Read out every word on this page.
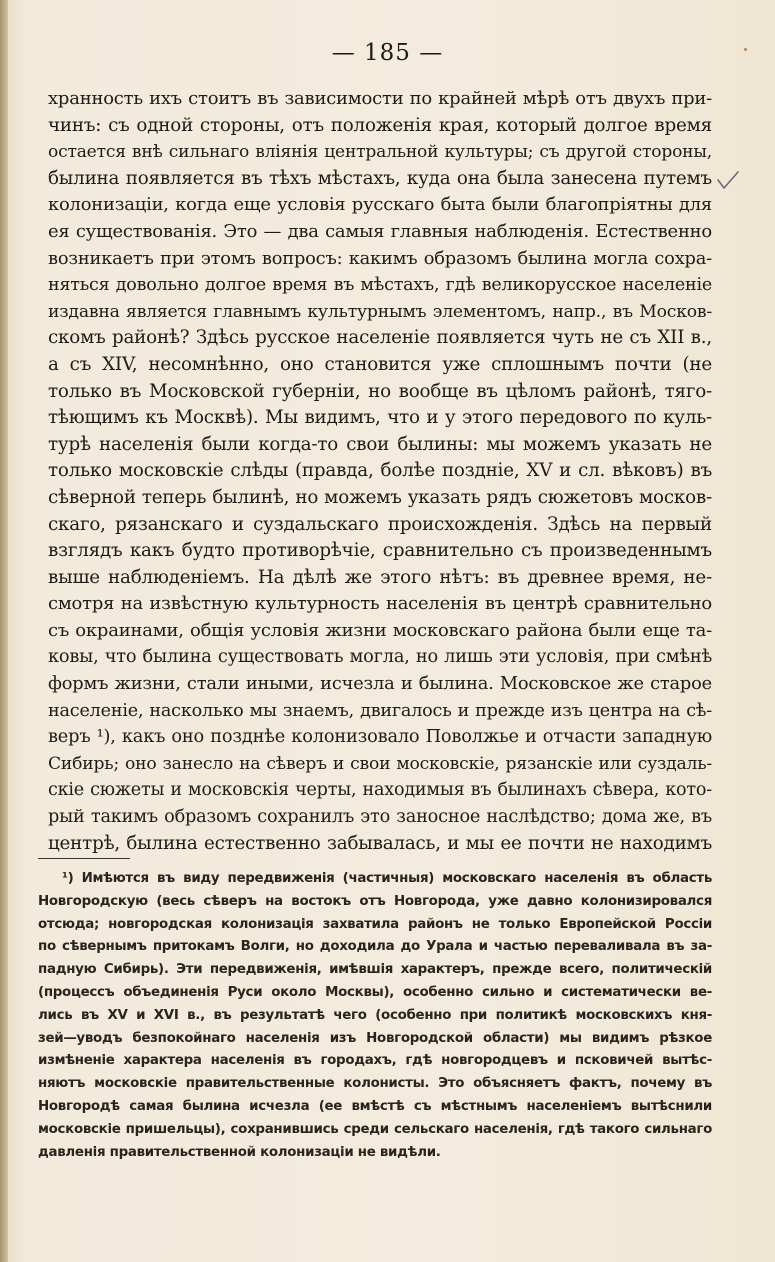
— 185 —
хранность ихъ стоитъ въ зависимости по крайней мѣрѣ отъ двухъ при-
чинъ: съ одной стороны, отъ положенія края, который долгое время
остается внѣ сильнаго вліянія центральной культуры; съ другой стороны,
былина появляется въ тѣхъ мѣстахъ, куда она была занесена путемъ
колонизаціи, когда еще условія русскаго быта были благопріятны для
ея существованія. Это — два самыя главныя наблюденія. Естественно
возникаетъ при этомъ вопросъ: какимъ образомъ былина могла сохра-
няться довольно долгое время въ мѣстахъ, гдѣ великорусское населеніе
издавна является главнымъ культурнымъ элементомъ, напр., въ Москов-
скомъ районѣ? Здѣсь русское населеніе появляется чуть не съ XII в.,
а съ XIV, несомнѣнно, оно становится уже сплошнымъ почти (не
только въ Московской губерніи, но вообще въ цѣломъ районѣ, тяго-
тѣющимъ къ Москвѣ). Мы видимъ, что и у этого передового по куль-
турѣ населенія были когда-то свои былины: мы можемъ указать не
только московскіе слѣды (правда, болѣе поздніе, XV и сл. вѣковъ) въ
сѣверной теперь былинѣ, но можемъ указать рядъ сюжетовъ москов-
скаго, рязанскаго и суздальскаго происхожденія. Здѣсь на первый
взглядъ какъ будто противорѣчіе, сравнительно съ произведеннымъ
выше наблюденіемъ. На дѣлѣ же этого нѣтъ: въ древнее время, не-
смотря на извѣстную культурность населенія въ центрѣ сравнительно
съ окраинами, общія условія жизни московскаго района были еще та-
ковы, что былина существовать могла, но лишь эти условія, при смѣнѣ
формъ жизни, стали иными, исчезла и былина. Московское же старое
населеніе, насколько мы знаемъ, двигалось и прежде изъ центра на сѣ-
веръ ¹), какъ оно позднѣе колонизовало Поволжье и отчасти западную
Сибирь; оно занесло на сѣверъ и свои московскіе, рязанскіе или суздаль-
скіе сюжеты и московскія черты, находимыя въ былинахъ сѣвера, кото-
рый такимъ образомъ сохранилъ это заносное наслѣдство; дома же, въ
центрѣ, былина естественно забывалась, и мы ее почти не находимъ
¹) Имѣются въ виду передвиженія (частичныя) московскаго населенія въ область
Новгородскую (весь сѣверъ на востокъ отъ Новгорода, уже давно колонизировался
отсюда; новгородская колонизація захватила районъ не только Европейской Россіи
по сѣвернымъ притокамъ Волги, но доходила до Урала и частью переваливала въ за-
падную Сибирь). Эти передвиженія, имѣвшія характеръ, прежде всего, политическій
(процессъ объединенія Руси около Москвы), особенно сильно и систематически ве-
лись въ XV и XVI в., въ результатѣ чего (особенно при политикѣ московскихъ кня-
зей—уводъ безпокойнаго населенія изъ Новгородской области) мы видимъ рѣзкое
измѣненіе характера населенія въ городахъ, гдѣ новгородцевъ и псковичей вытѣс-
няютъ московскіе правительственные колонисты. Это объясняетъ фактъ, почему въ
Новгородѣ самая былина исчезла (ее вмѣстѣ съ мѣстнымъ населеніемъ вытѣснили
московскіе пришельцы), сохранившись среди сельскаго населенія, гдѣ такого сильнаго
давленія правительственной колонизаціи не видѣли.
